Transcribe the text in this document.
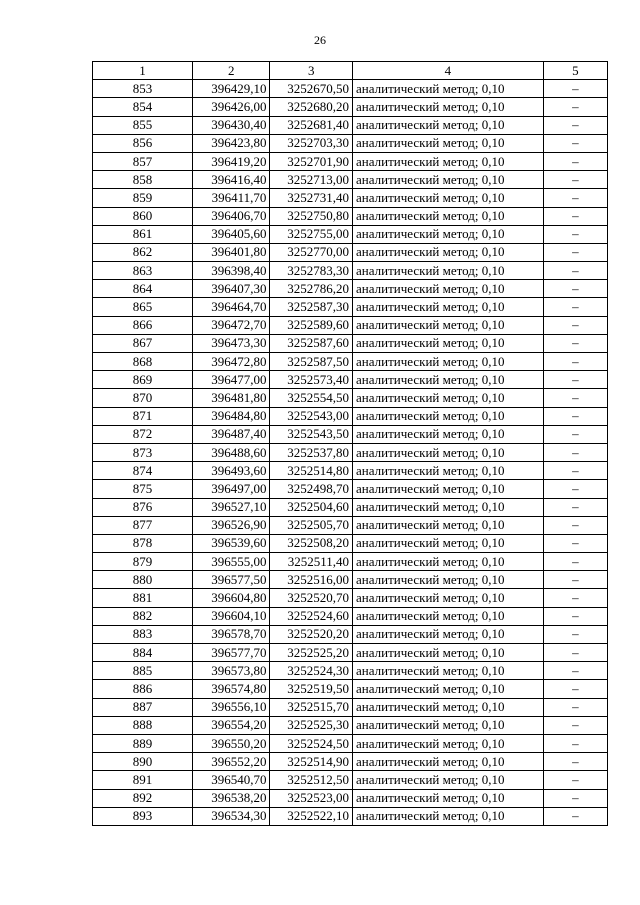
26
1	2	3	4	5
853	396429,10	3252670,50	аналитический метод; 0,10	–
854	396426,00	3252680,20	аналитический метод; 0,10	–
855	396430,40	3252681,40	аналитический метод; 0,10	–
856	396423,80	3252703,30	аналитический метод; 0,10	–
857	396419,20	3252701,90	аналитический метод; 0,10	–
858	396416,40	3252713,00	аналитический метод; 0,10	–
859	396411,70	3252731,40	аналитический метод; 0,10	–
860	396406,70	3252750,80	аналитический метод; 0,10	–
861	396405,60	3252755,00	аналитический метод; 0,10	–
862	396401,80	3252770,00	аналитический метод; 0,10	–
863	396398,40	3252783,30	аналитический метод; 0,10	–
864	396407,30	3252786,20	аналитический метод; 0,10	–
865	396464,70	3252587,30	аналитический метод; 0,10	–
866	396472,70	3252589,60	аналитический метод; 0,10	–
867	396473,30	3252587,60	аналитический метод; 0,10	–
868	396472,80	3252587,50	аналитический метод; 0,10	–
869	396477,00	3252573,40	аналитический метод; 0,10	–
870	396481,80	3252554,50	аналитический метод; 0,10	–
871	396484,80	3252543,00	аналитический метод; 0,10	–
872	396487,40	3252543,50	аналитический метод; 0,10	–
873	396488,60	3252537,80	аналитический метод; 0,10	–
874	396493,60	3252514,80	аналитический метод; 0,10	–
875	396497,00	3252498,70	аналитический метод; 0,10	–
876	396527,10	3252504,60	аналитический метод; 0,10	–
877	396526,90	3252505,70	аналитический метод; 0,10	–
878	396539,60	3252508,20	аналитический метод; 0,10	–
879	396555,00	3252511,40	аналитический метод; 0,10	–
880	396577,50	3252516,00	аналитический метод; 0,10	–
881	396604,80	3252520,70	аналитический метод; 0,10	–
882	396604,10	3252524,60	аналитический метод; 0,10	–
883	396578,70	3252520,20	аналитический метод; 0,10	–
884	396577,70	3252525,20	аналитический метод; 0,10	–
885	396573,80	3252524,30	аналитический метод; 0,10	–
886	396574,80	3252519,50	аналитический метод; 0,10	–
887	396556,10	3252515,70	аналитический метод; 0,10	–
888	396554,20	3252525,30	аналитический метод; 0,10	–
889	396550,20	3252524,50	аналитический метод; 0,10	–
890	396552,20	3252514,90	аналитический метод; 0,10	–
891	396540,70	3252512,50	аналитический метод; 0,10	–
892	396538,20	3252523,00	аналитический метод; 0,10	–
893	396534,30	3252522,10	аналитический метод; 0,10	–
